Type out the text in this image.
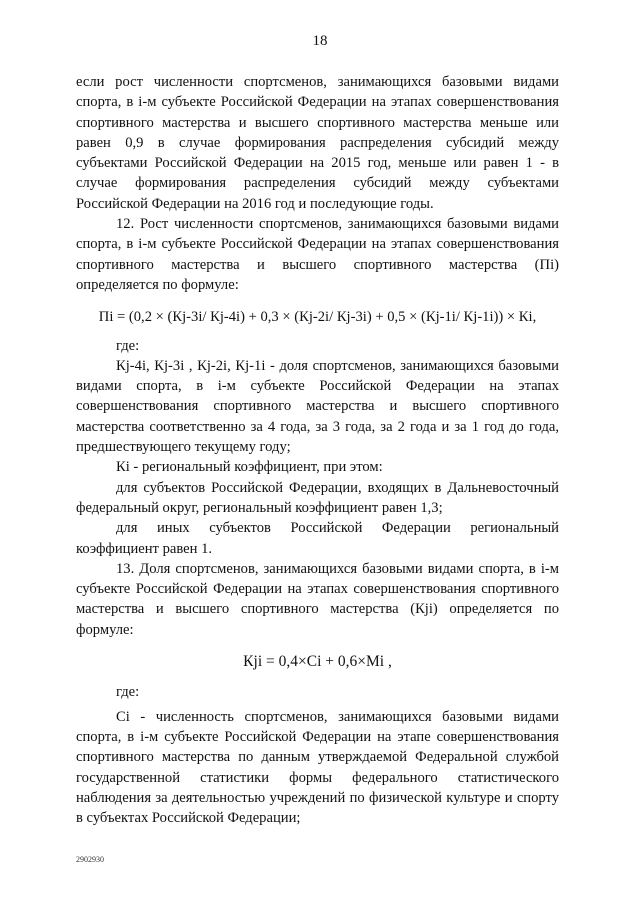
18

если рост численности спортсменов, занимающихся базовыми видами спорта, в i-м субъекте Российской Федерации на этапах совершенствования спортивного мастерства и высшего спортивного мастерства меньше или равен 0,9 в случае формирования распределения субсидий между субъектами Российской Федерации на 2015 год, меньше или равен 1 - в случае формирования распределения субсидий между субъектами Российской Федерации на 2016 год и последующие годы.

12. Рост численности спортсменов, занимающихся базовыми видами спорта, в i-м субъекте Российской Федерации на этапах совершенствования спортивного мастерства и высшего спортивного мастерства (Пi) определяется по формуле:

Пi = (0,2 × (Кj-3i/ Кj-4i) + 0,3 × (Кj-2i/ Кj-3i) + 0,5 × (Кj-1i/ Кj-1i)) × Кi,

где:

Кj-4i, Кj-3i , Кj-2i, Кj-1i - доля спортсменов, занимающихся базовыми видами спорта, в i-м субъекте Российской Федерации на этапах совершенствования спортивного мастерства и высшего спортивного мастерства соответственно за 4 года, за 3 года, за 2 года и за 1 год до года, предшествующего текущему году;

Кi - региональный коэффициент, при этом:

для субъектов Российской Федерации, входящих в Дальневосточный федеральный округ, региональный коэффициент равен 1,3;

для иных субъектов Российской Федерации региональный коэффициент равен 1.

13. Доля спортсменов, занимающихся базовыми видами спорта, в i-м субъекте Российской Федерации на этапах совершенствования спортивного мастерства и высшего спортивного мастерства (Кji) определяется по формуле:

Кji = 0,4×Сi + 0,6×Мi ,

где:

Сi - численность спортсменов, занимающихся базовыми видами спорта, в i-м субъекте Российской Федерации на этапе совершенствования спортивного мастерства по данным утверждаемой Федеральной службой государственной статистики формы федерального статистического наблюдения за деятельностью учреждений по физической культуре и спорту в субъектах Российской Федерации;

2902930
